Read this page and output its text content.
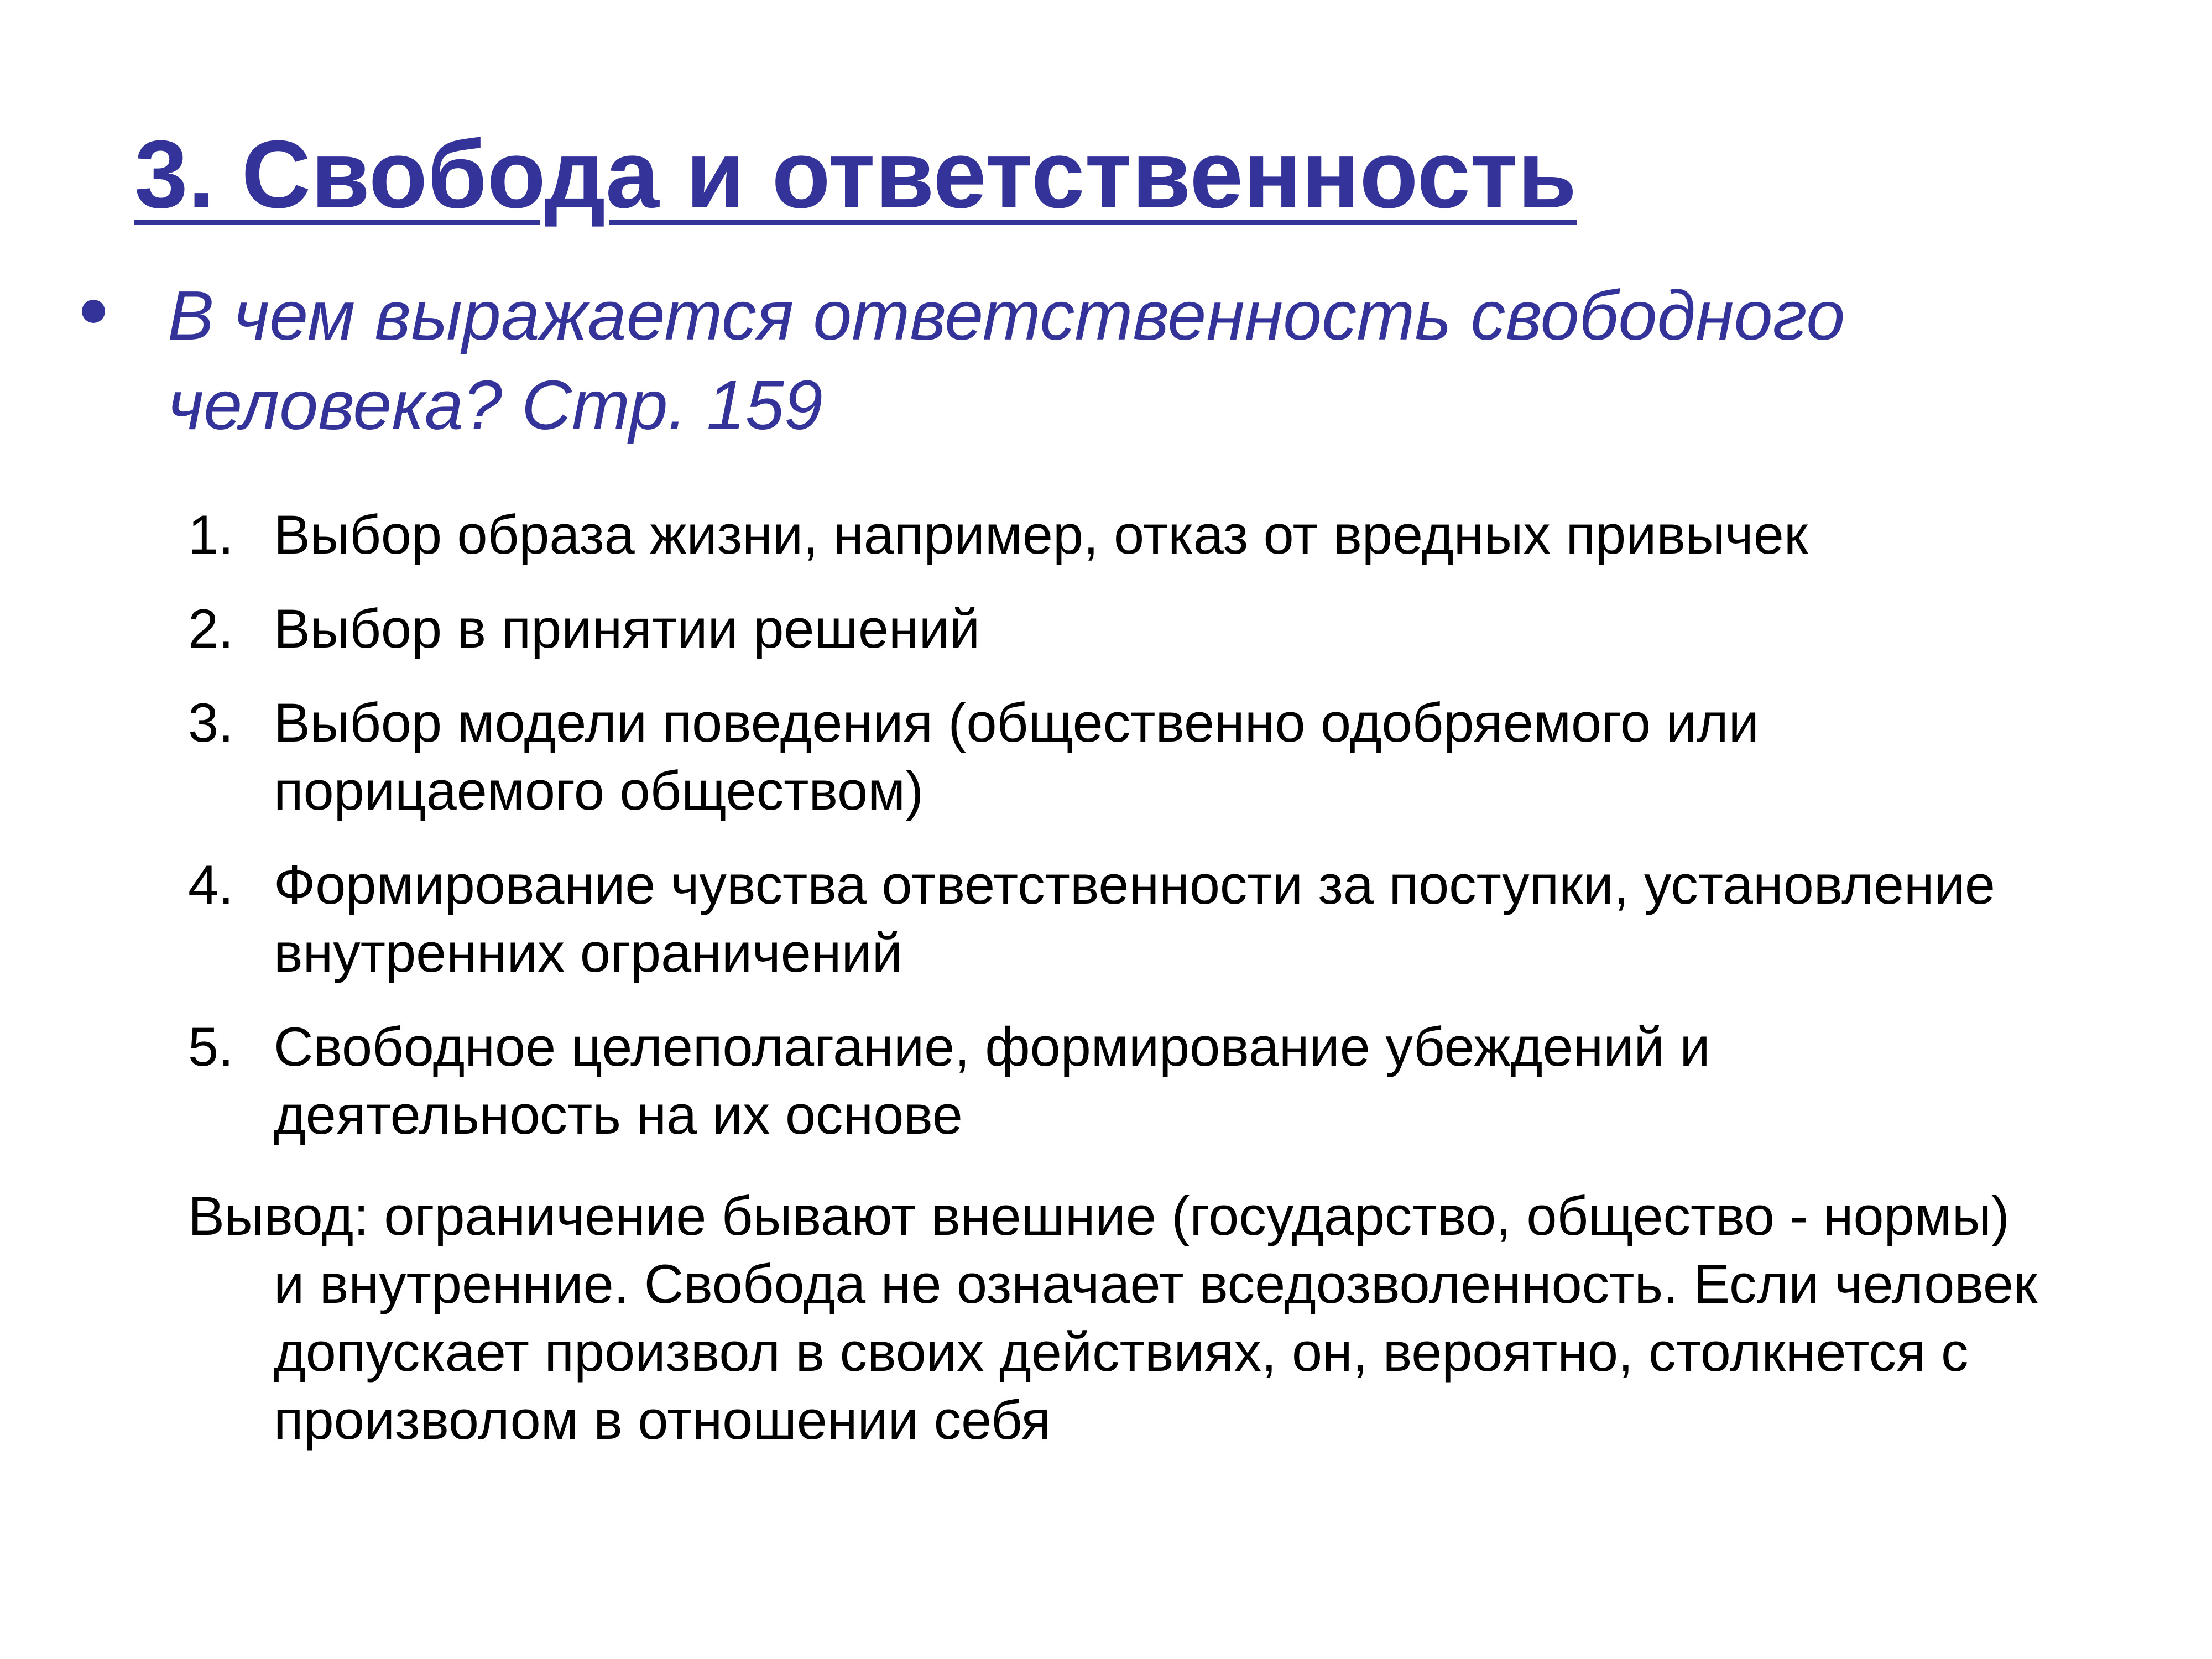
3. Свобода и ответственность

В чем выражается ответственность свободного человека? Стр. 159

1. Выбор образа жизни, например, отказ от вредных привычек
2. Выбор в принятии решений
3. Выбор модели поведения (общественно одобряемого или порицаемого обществом)
4. Формирование чувства ответственности за поступки, установление внутренних ограничений
5. Свободное целеполагание, формирование убеждений и деятельность на их основе

Вывод: ограничение бывают внешние (государство, общество - нормы) и внутренние. Свобода не означает вседозволенность. Если человек допускает произвол в своих действиях, он, вероятно, столкнется с произволом в отношении себя
